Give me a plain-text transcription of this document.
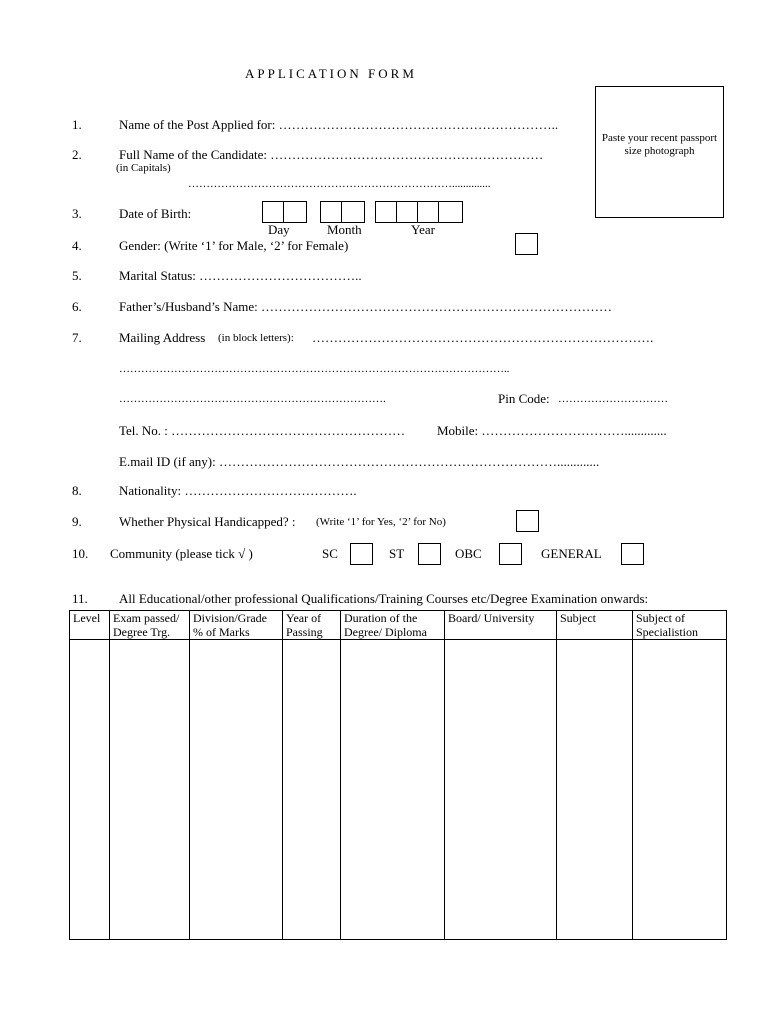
APPLICATION FORM
Paste your recent passport size photograph
1.	Name of the Post Applied for: ………………………………………………………..
2.	Full Name of the Candidate: ………………………………………………………
(in Capitals)
………………………………………………………………..............
3.	Date of Birth:
Day	Month	Year
4.	Gender: (Write ‘1’ for Male, ‘2’ for Female)
5.	Marital Status: ………………………………..
6.	Father’s/Husband’s Name: ………………………………………………………………………
7.	Mailing Address (in block letters): …………………………………………………………………….
……………………………………………………………………………………………..
……………………………………………………………….	Pin Code: …………………………
Tel. No. : ……………………………………………… Mobile: …………………………….............
E.mail ID (if any): …………………………………………………………………….............
8.	Nationality: ………………………………….
9.	Whether Physical Handicapped? : (Write ‘1’ for Yes, ‘2’ for No)
10. Community (please tick √ )	SC	ST	OBC	GENERAL
11. All Educational/other professional Qualifications/Training Courses etc/Degree Examination onwards:
Level	Exam passed/ Degree Trg.	Division/Grade % of Marks	Year of Passing	Duration of the Degree/ Diploma	Board/ University	Subject	Subject of Specialistion
